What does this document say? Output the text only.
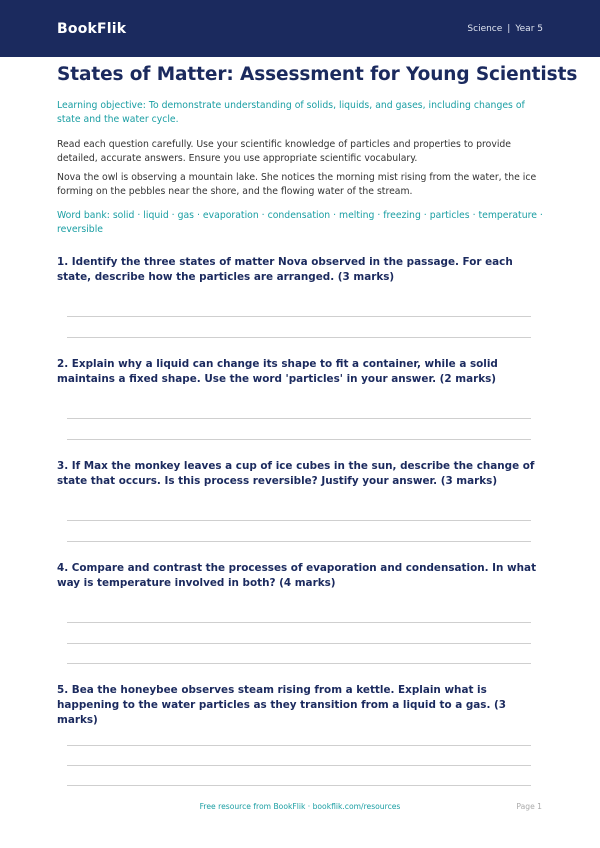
BookFlik	Science | Year 5
States of Matter: Assessment for Young Scientists

Learning objective: To demonstrate understanding of solids, liquids, and gases, including changes of state and the water cycle.

Read each question carefully. Use your scientific knowledge of particles and properties to provide detailed, accurate answers. Ensure you use appropriate scientific vocabulary.

Nova the owl is observing a mountain lake. She notices the morning mist rising from the water, the ice forming on the pebbles near the shore, and the flowing water of the stream.

Word bank: solid · liquid · gas · evaporation · condensation · melting · freezing · particles · temperature · reversible

1. Identify the three states of matter Nova observed in the passage. For each state, describe how the particles are arranged. (3 marks)

2. Explain why a liquid can change its shape to fit a container, while a solid maintains a fixed shape. Use the word 'particles' in your answer. (2 marks)

3. If Max the monkey leaves a cup of ice cubes in the sun, describe the change of state that occurs. Is this process reversible? Justify your answer. (3 marks)

4. Compare and contrast the processes of evaporation and condensation. In what way is temperature involved in both? (4 marks)

5. Bea the honeybee observes steam rising from a kettle. Explain what is happening to the water particles as they transition from a liquid to a gas. (3 marks)

Free resource from BookFlik · bookflik.com/resources	Page 1
